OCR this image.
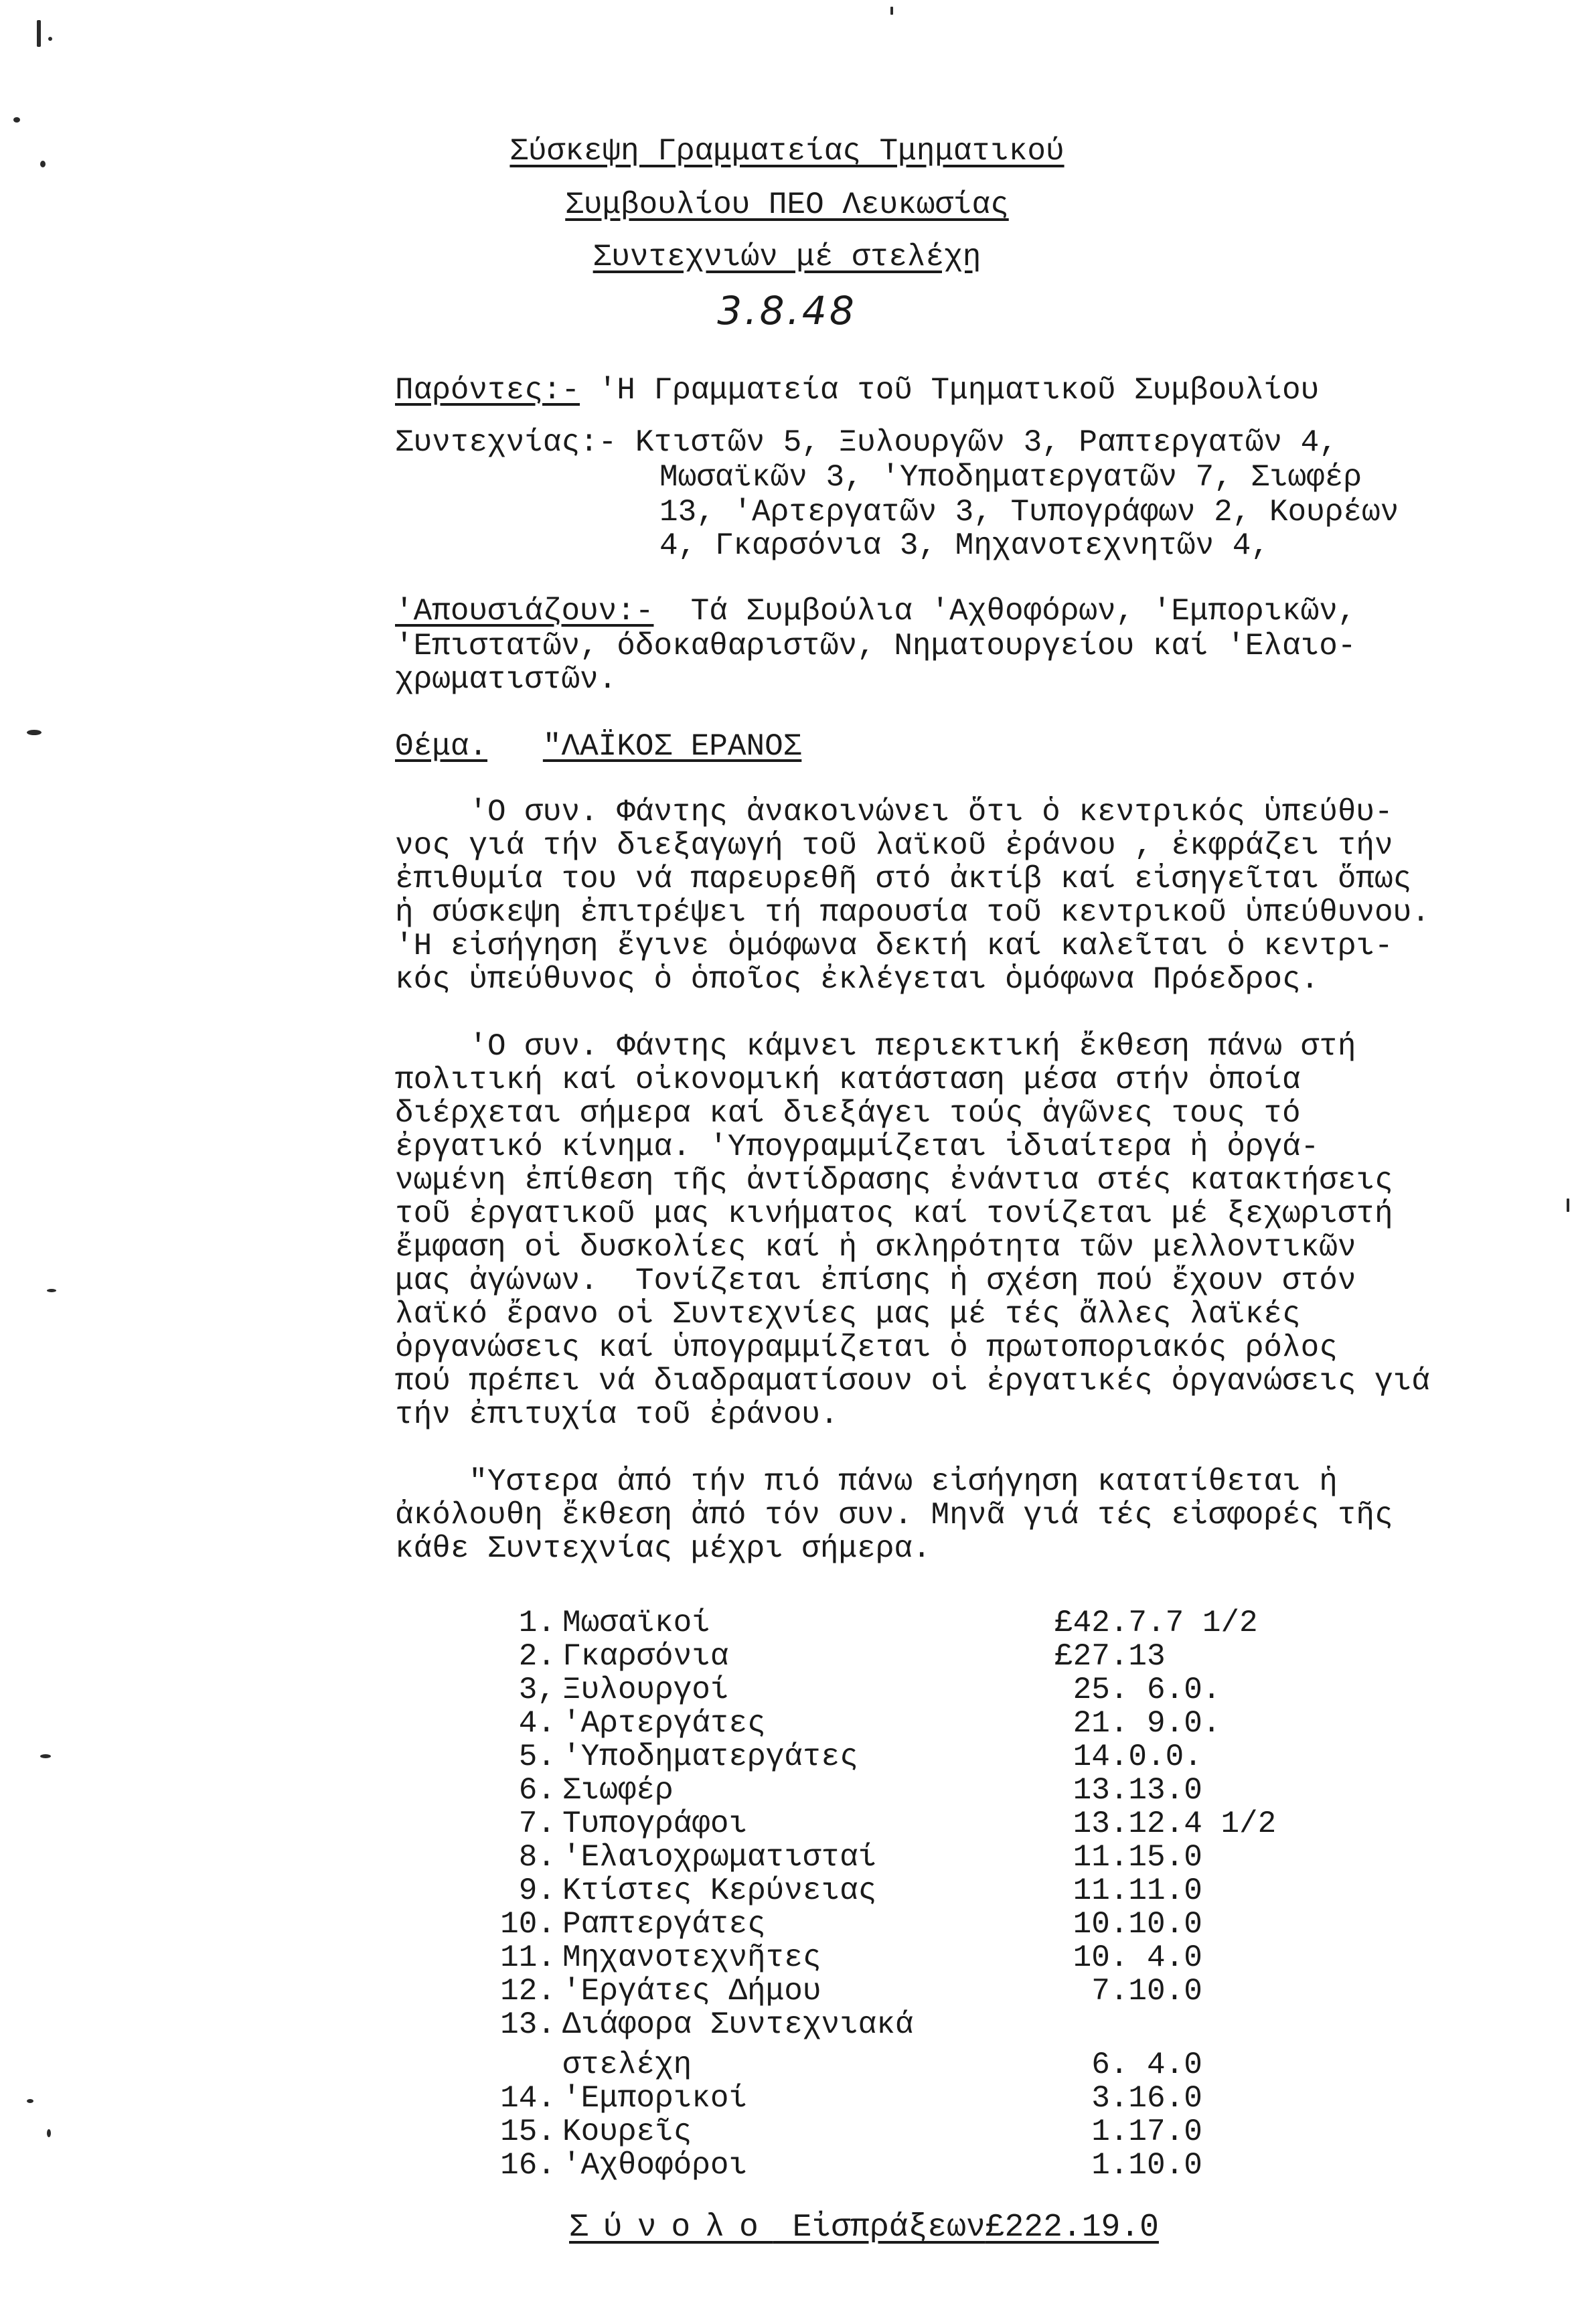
Σύσκεψη Γραμματείας Τμηματικού
Συμβουλίου ΠΕΟ Λευκωσίας
Συντεχνιών μέ στελέχη
3.8.48
Παρόντες:- 'Η Γραμματεία τοῦ Τμηματικοῦ Συμβουλίου
Συντεχνίας:- Κτιστῶν 5, Ξυλουργῶν 3, Ραπτεργατῶν 4,
Μωσαϊκῶν 3, 'Υποδηματεργατῶν 7, Σιωφέρ
13, 'Αρτεργατῶν 3, Τυπογράφων 2, Κουρέων
4, Γκαρσόνια 3, Μηχανοτεχνητῶν 4,
'Απουσιάζουν:-  Τά Συμβούλια 'Αχθοφόρων, 'Εμπορικῶν,
'Επιστατῶν, όδοκαθαριστῶν, Νηματουργείου καί 'Ελαιο-
χρωματιστῶν.
Θέμα. "ΛΑΪΚΟΣ ΕΡΑΝΟΣ
'Ο συν. Φάντης ἀνακοινώνει ὅτι ὁ κεντρικός ὑπεύθυ-
νος γιά τήν διεξαγωγή τοῦ λαϊκοῦ ἐράνου , ἐκφράζει τήν
ἐπιθυμία του νά παρευρεθῆ στό ἀκτίβ καί εἰσηγεῖται ὅπως
ἡ σύσκεψη ἐπιτρέψει τή παρουσία τοῦ κεντρικοῦ ὑπεύθυνου.
'Η εἰσήγηση ἔγινε ὁμόφωνα δεκτή καί καλεῖται ὁ κεντρι-
κός ὑπεύθυνος ὁ ὁποῖος ἐκλέγεται ὁμόφωνα Πρόεδρος.
'Ο συν. Φάντης κάμνει περιεκτική ἔκθεση πάνω στή
πολιτική καί οἰκονομική κατάσταση μέσα στήν ὁποία
διέρχεται σήμερα καί διεξάγει τούς ἀγῶνες τους τό
ἐργατικό κίνημα. 'Υπογραμμίζεται ἰδιαίτερα ἡ ὀργά-
νωμένη ἐπίθεση τῆς ἀντίδρασης ἐνάντια στές κατακτήσεις
τοῦ ἐργατικοῦ μας κινήματος καί τονίζεται μέ ξεχωριστή
ἔμφαση οἱ δυσκολίες καί ἡ σκληρότητα τῶν μελλοντικῶν
μας ἀγώνων.  Τονίζεται ἐπίσης ἡ σχέση πού ἔχουν στόν
λαϊκό ἔρανο οἱ Συντεχνίες μας μέ τές ἄλλες λαϊκές
ὀργανώσεις καί ὑπογραμμίζεται ὁ πρωτοποριακός ρόλος
πού πρέπει νά διαδραματίσουν οἱ ἐργατικές ὀργανώσεις γιά
τήν ἐπιτυχία τοῦ ἐράνου.
"Υστερα ἀπό τήν πιό πάνω εἰσήγηση κατατίθεται ἡ
ἀκόλουθη ἔκθεση ἀπό τόν συν. Μηνᾶ γιά τές εἰσφορές τῆς
κάθε Συντεχνίας μέχρι σήμερα.
1. Μωσαϊκοί	£42.7.7 1/2
2. Γκαρσόνια	£27.13
3, Ξυλουργοί	25. 6.0.
4. 'Αρτεργάτες	21. 9.0.
5. 'Υποδηματεργάτες	14.0.0.
6. Σιωφέρ	13.13.0
7. Τυπογράφοι	13.12.4 1/2
8. 'Ελαιοχρωματισταί	11.15.0
9. Κτίστες Κερύνειας	11.11.0
10. Ραπτεργάτες	10.10.0
11. Μηχανοτεχνῆτες	10. 4.0
12. 'Εργάτες Δήμου	7.10.0
13. Διάφορα Συντεχνιακά
στελέχη	6. 4.0
14. 'Εμπορικοί	3.16.0
15. Κουρεῖς	1.17.0
16. 'Αχθοφόροι	1.10.0
Σύνολο Εἰσπράξεων£222.19.0
